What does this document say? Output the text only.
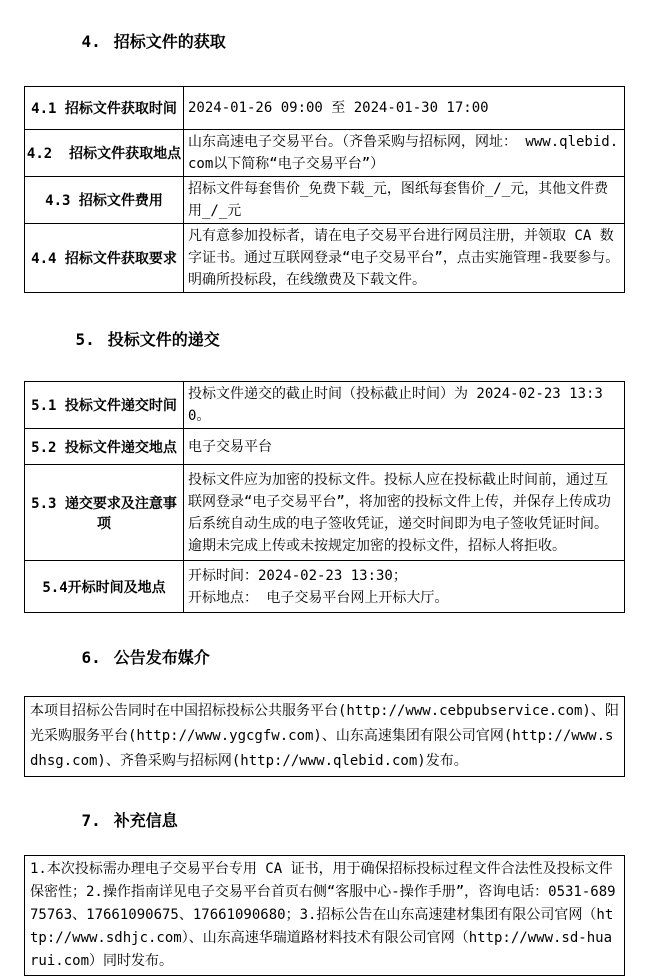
4. 招标文件的获取

4.1 招标文件获取时间	2024-01-26 09:00 至 2024-01-30 17:00
4.2  招标文件获取地点	山东高速电子交易平台。（齐鲁采购与招标网，网址： www.qlebid.com以下简称“电子交易平台”）
4.3 招标文件费用	招标文件每套售价_免费下载_元，图纸每套售价_/_元，其他文件费用_/_元
4.4 招标文件获取要求	凡有意参加投标者，请在电子交易平台进行网员注册，并领取 CA 数字证书。通过互联网登录“电子交易平台”，点击实施管理-我要参与。明确所投标段，在线缴费及下载文件。

5. 投标文件的递交

5.1 投标文件递交时间	投标文件递交的截止时间（投标截止时间）为 2024-02-23 13:30。
5.2 投标文件递交地点	电子交易平台
5.3 递交要求及注意事项	投标文件应为加密的投标文件。投标人应在投标截止时间前，通过互联网登录“电子交易平台”，将加密的投标文件上传，并保存上传成功后系统自动生成的电子签收凭证，递交时间即为电子签收凭证时间。逾期未完成上传或未按规定加密的投标文件，招标人将拒收。
5.4开标时间及地点	开标时间：2024-02-23 13:30；
开标地点： 电子交易平台网上开标大厅。

6. 公告发布媒介

本项目招标公告同时在中国招标投标公共服务平台(http://www.cebpubservice.com)、阳光采购服务平台(http://www.ygcgfw.com)、山东高速集团有限公司官网(http://www.sdhsg.com)、齐鲁采购与招标网(http://www.qlebid.com)发布。

7. 补充信息

1.本次投标需办理电子交易平台专用 CA 证书，用于确保招标投标过程文件合法性及投标文件保密性；2.操作指南详见电子交易平台首页右侧“客服中心-操作手册”，咨询电话：0531-68975763、17661090675、17661090680；3.招标公告在山东高速建材集团有限公司官网（http://www.sdhjc.com）、山东高速华瑞道路材料技术有限公司官网（http://www.sd-huarui.com）同时发布。
